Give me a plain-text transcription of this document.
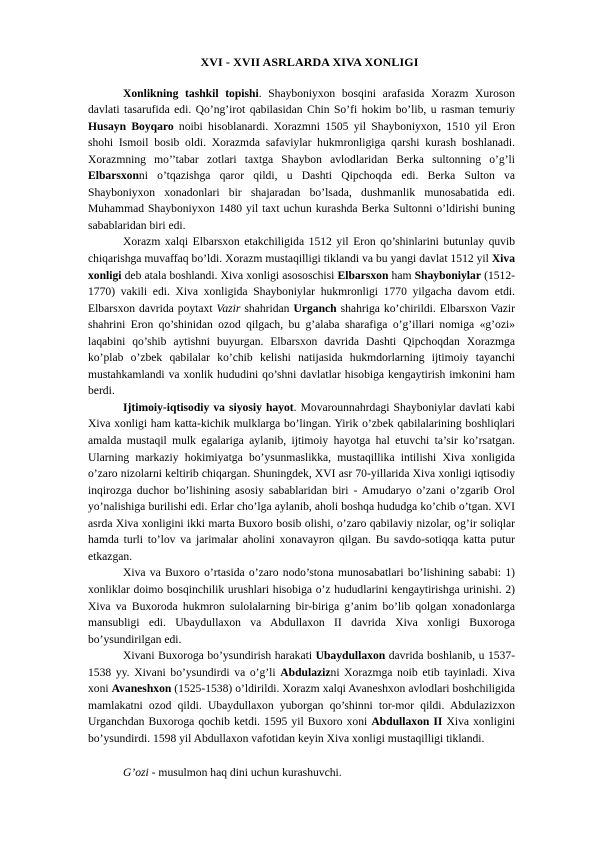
XVI - XVII ASRLARDA XIVA XONLIGI

Xonlikning tashkil topishi. Shayboniyxon bosqini arafasida Xorazm Xuroson davlati tasarufida edi. Qo’ng’irot qabilasidan Chin So’fi hokim bo’lib, u rasman temuriy Husayn Boyqaro noibi hisoblanardi. Xorazmni 1505 yil Shayboniyxon, 1510 yil Eron shohi Ismoil bosib oldi. Xorazmda safaviylar hukmronligiga qarshi kurash boshlanadi. Xorazmning mo’’tabar zotlari taxtga Shaybon avlodlaridan Berka sultonning o’g’li Elbarsxonni o’tqazishga qaror qildi, u Dashti Qipchoqda edi. Berka Sulton va Shayboniyxon xonadonlari bir shajaradan bo’lsada, dushmanlik munosabatida edi. Muhammad Shayboniyxon 1480 yil taxt uchun kurashda Berka Sultonni o’ldirishi buning sabablaridan biri edi.

Xorazm xalqi Elbarsxon etakchiligida 1512 yil Eron qo’shinlarini butunlay quvib chiqarishga muvaffaq bo’ldi. Xorazm mustaqilligi tiklandi va bu yangi davlat 1512 yil Xiva xonligi deb atala boshlandi. Xiva xonligi asososchisi Elbarsxon ham Shayboniylar (1512-1770) vakili edi. Xiva xonligida Shayboniylar hukmronligi 1770 yilgacha davom etdi. Elbarsxon davrida poytaxt Vazir shahridan Urganch shahriga ko’chirildi. Elbarsxon Vazir shahrini Eron qo’shinidan ozod qilgach, bu g’alaba sharafiga o’g’illari nomiga «g’ozi» laqabini qo’shib aytishni buyurgan. Elbarsxon davrida Dashti Qipchoqdan Xorazmga ko’plab o’zbek qabilalar ko’chib kelishi natijasida hukmdorlarning ijtimoiy tayanchi mustahkamlandi va xonlik hududini qo’shni davlatlar hisobiga kengaytirish imkonini ham berdi.

Ijtimoiy-iqtisodiy va siyosiy hayot. Movarounnahrdagi Shayboniylar davlati kabi Xiva xonligi ham katta-kichik mulklarga bo’lingan. Yirik o’zbek qabilalarining boshliqlari amalda mustaqil mulk egalariga aylanib, ijtimoiy hayotga hal etuvchi ta’sir ko’rsatgan. Ularning markaziy hokimiyatga bo’ysunmaslikka, mustaqillika intilishi Xiva xonligida o’zaro nizolarni keltirib chiqargan. Shuningdek, XVI asr 70-yillarida Xiva xonligi iqtisodiy inqirozga duchor bo’lishining asosiy sabablaridan biri - Amudaryo o’zani o’zgarib Orol yo’nalishiga burilishi edi. Erlar cho’lga aylanib, aholi boshqa hududga ko’chib o’tgan. XVI asrda Xiva xonligini ikki marta Buxoro bosib olishi, o’zaro qabilaviy nizolar, og’ir soliqlar hamda turli to’lov va jarimalar aholini xonavayron qilgan. Bu savdo-sotiqqa katta putur etkazgan.

Xiva va Buxoro o’rtasida o’zaro nodo’stona munosabatlari bo’lishining sababi: 1) xonliklar doimo bosqinchilik urushlari hisobiga o’z hududlarini kengaytirishga urinishi. 2) Xiva va Buxoroda hukmron sulolalarning bir-biriga g’anim bo’lib qolgan xonadonlarga mansubligi edi. Ubaydullaxon va Abdullaxon II davrida Xiva xonligi Buxoroga bo’ysundirilgan edi.

Xivani Buxoroga bo’ysundirish harakati Ubaydullaxon davrida boshlanib, u 1537-1538 yy. Xivani bo’ysundirdi va o’g’li Abdulazizni Xorazmga noib etib tayinladi. Xiva xoni Avaneshxon (1525-1538) o’ldirildi. Xorazm xalqi Avaneshxon avlodlari boshchiligida mamlakatni ozod qildi. Ubaydullaxon yuborgan qo’shinni tor-mor qildi. Abdulazizxon Urganchdan Buxoroga qochib ketdi. 1595 yil Buxoro xoni Abdullaxon II Xiva xonligini bo’ysundirdi. 1598 yil Abdullaxon vafotidan keyin Xiva xonligi mustaqilligi tiklandi.

G’ozi - musulmon haq dini uchun kurashuvchi.
